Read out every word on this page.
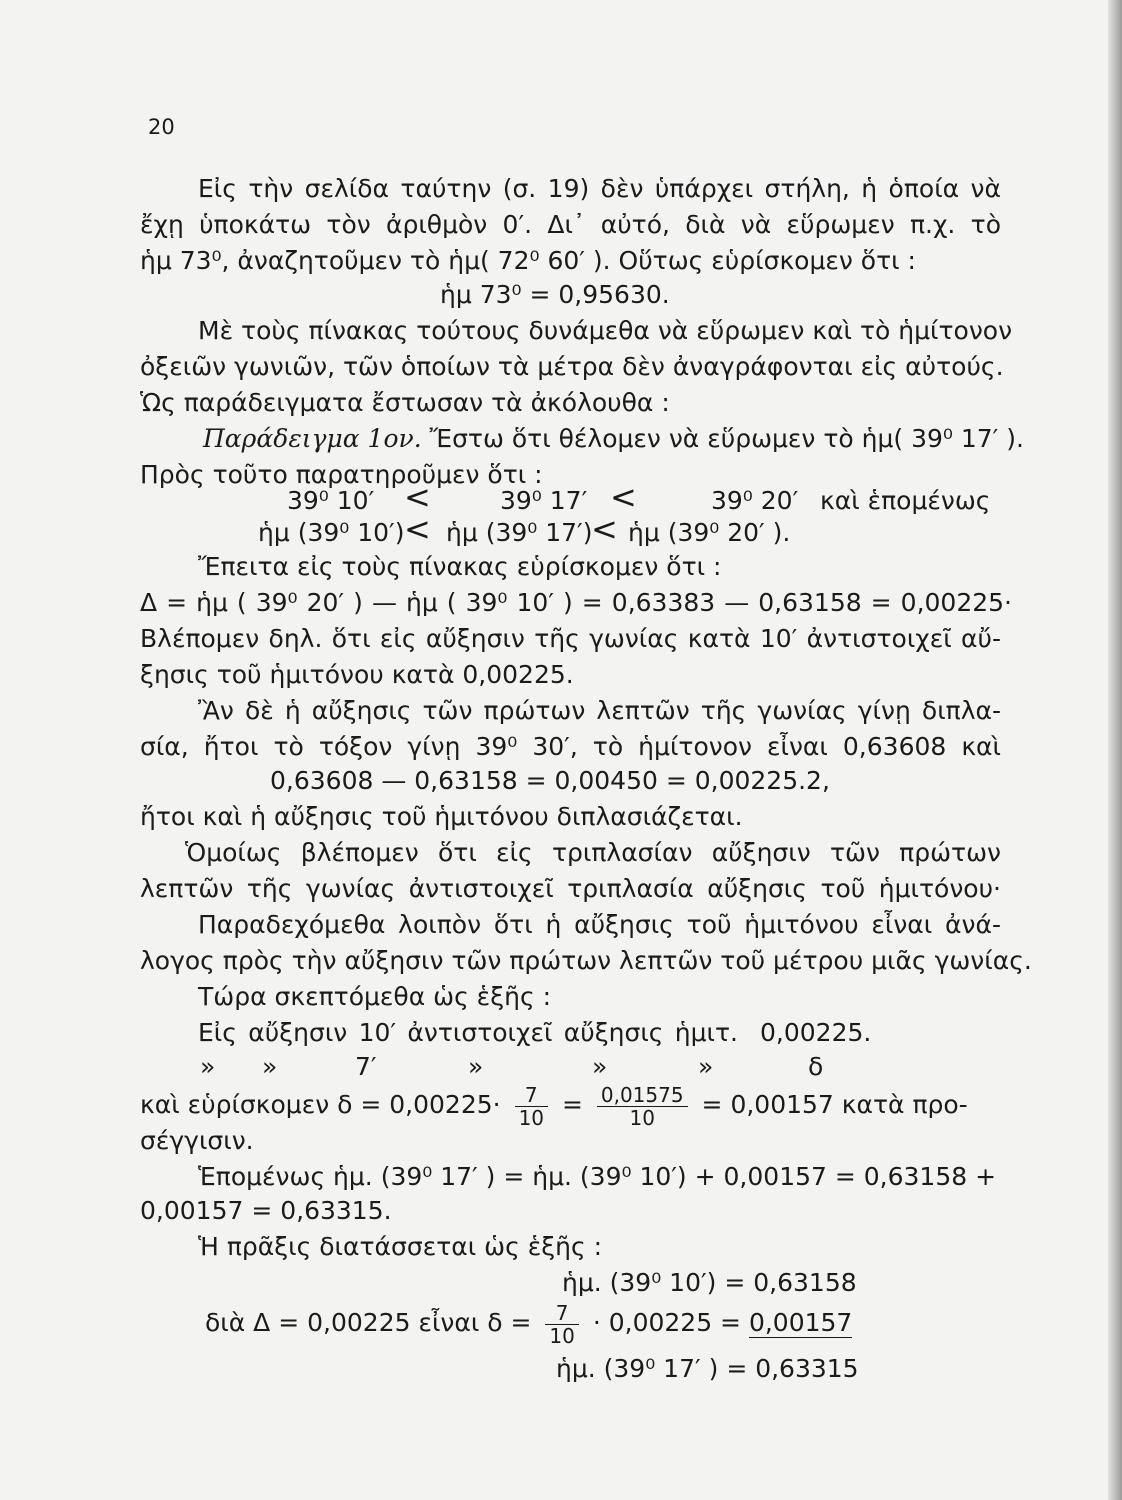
20
Εἰς τὴν σελίδα ταύτην (σ. 19) δὲν ὑπάρχει στήλη, ἡ ὁποία νὰ
ἔχῃ ὑποκάτω τὸν ἀριθμὸν 0′. Δι᾽ αὐτό, διὰ νὰ εὕρωμεν π.χ. τὸ
ἡμ 73⁰, ἀναζητοῦμεν τὸ ἡμ( 72⁰ 60′ ). Οὕτως εὑρίσκομεν ὅτι :
ἡμ 73⁰ = 0,95630.
Μὲ τοὺς πίνακας τούτους δυνάμεθα νὰ εὕρωμεν καὶ τὸ ἡμίτονον
ὀξειῶν γωνιῶν, τῶν ὁποίων τὰ μέτρα δὲν ἀναγράφονται εἰς αὐτούς.
Ὡς παράδειγματα ἔστωσαν τὰ ἀκόλουθα :
Παράδειγμα 1ον. Ἔστω ὅτι θέλομεν νὰ εὕρωμεν τὸ ἡμ( 39⁰ 17′ ).
Πρὸς τοῦτο παρατηροῦμεν ὅτι :
39⁰ 10′ <	39⁰ 17′ <	39⁰ 20′ καὶ ἑπομένως
ἡμ (39⁰ 10′) < ἡμ (39⁰ 17′)
< ἡμ (39⁰ 20′ ).
Ἔπειτα εἰς τοὺς πίνακας εὑρίσκομεν ὅτι :
Δ = ἡμ ( 39⁰ 20′ ) — ἡμ ( 39⁰ 10′ ) = 0,63383 — 0,63158 = 0,00225·
Βλέπομεν δηλ. ὅτι εἰς αὔξησιν τῆς γωνίας κατὰ 10′ ἀντιστοιχεῖ αὔ-
ξησις τοῦ ἡμιτόνου κατὰ 0,00225.
Ἂν δὲ ἡ αὔξησις τῶν πρώτων λεπτῶν τῆς γωνίας γίνῃ διπλα-
σία, ἤτοι τὸ τόξον γίνῃ 39⁰ 30′, τὸ ἡμίτονον εἶναι 0,63608 καὶ
0,63608 — 0,63158 = 0,00450 = 0,00225.2,
ἤτοι καὶ ἡ αὔξησις τοῦ ἡμιτόνου διπλασιάζεται.
Ὁμοίως βλέπομεν ὅτι εἰς τριπλασίαν αὔξησιν τῶν πρώτων
λεπτῶν τῆς γωνίας ἀντιστοιχεῖ τριπλασία αὔξησις τοῦ ἡμιτόνου·
Παραδεχόμεθα λοιπὸν ὅτι ἡ αὔξησις τοῦ ἡμιτόνου εἶναι ἀνά-
λογος πρὸς τὴν αὔξησιν τῶν πρώτων λεπτῶν τοῦ μέτρου μιᾶς γωνίας.
Τώρα σκεπτόμεθα ὡς ἑξῆς :
Εἰς αὔξησιν 10′ ἀντιστοιχεῖ αὔξησις ἡμιτ. 0,00225.
» »	7′	»	»	»	δ
καὶ εὑρίσκομεν $\delta = 0,00225\cdot \frac{7}{10} = \frac{0,01575}{10} = 0,00157$ κατὰ προ-
σέγγισιν.
Ἑπομένως ἡμ. (39⁰ 17′ ) = ἡμ. (39⁰ 10′) + 0,00157 = 0,63158 +
0,00157 = 0,63315.
Ἡ πρᾶξις διατάσσεται ὡς ἑξῆς :
ἡμ. (39⁰ 10′) = 0,63158
διὰ Δ = 0,00225 εἶναι $\delta = \frac{7}{10} \cdot 0,00225 = 0,00157$
ἡμ. (39⁰ 17′ ) = 0,63315
